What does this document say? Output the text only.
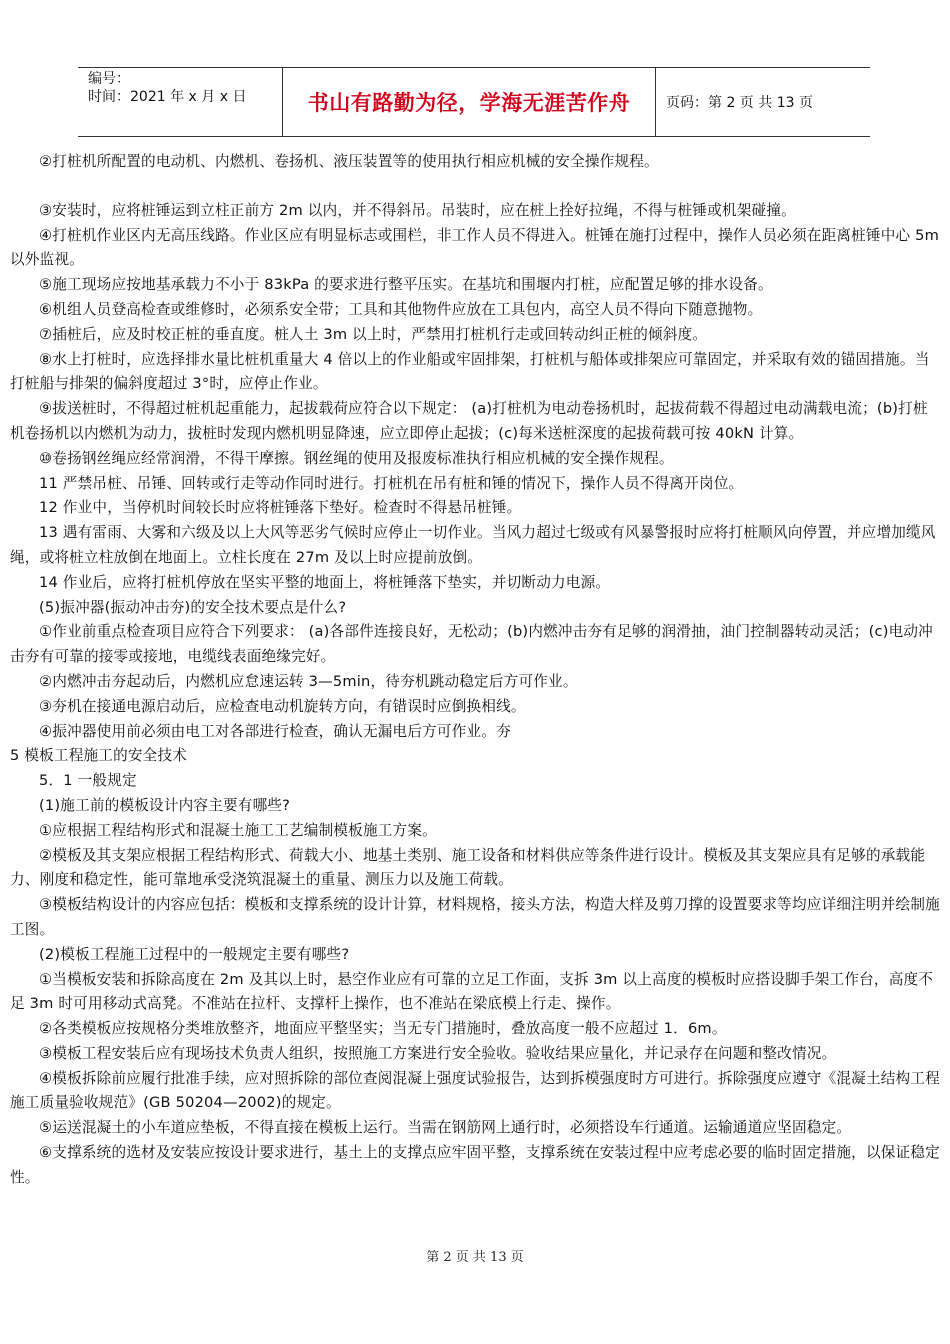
编号：
时间：2021 年 x 月 x 日	书山有路勤为径，学海无涯苦作舟	页码：第 2 页 共 13 页

②打桩机所配置的电动机、内燃机、卷扬机、液压装置等的使用执行相应机械的安全操作规程。

③安装时，应将桩锤运到立柱正前方 2m 以内，并不得斜吊。吊装时，应在桩上拴好拉绳，不得与桩锤或机架碰撞。

④打桩机作业区内无高压线路。作业区应有明显标志或围栏，非工作人员不得进入。桩锤在施打过程中，操作人员必须在距离桩锤中心 5m 以外监视。

⑤施工现场应按地基承载力不小于 83kPa 的要求进行整平压实。在基坑和围堰内打桩，应配置足够的排水设备。

⑥机组人员登高检查或维修时，必须系安全带；工具和其他物件应放在工具包内，高空人员不得向下随意抛物。

⑦插桩后，应及时校正桩的垂直度。桩人土 3m 以上时，严禁用打桩机行走或回转动纠正桩的倾斜度。

⑧水上打桩时，应选择排水量比桩机重量大 4 倍以上的作业船或牢固排架，打桩机与船体或排架应可靠固定，并采取有效的锚固措施。当打桩船与排架的偏斜度超过 3°时，应停止作业。

⑨拔送桩时，不得超过桩机起重能力，起拔载荷应符合以下规定： (a)打桩机为电动卷扬机时，起拔荷载不得超过电动满载电流；(b)打桩机卷扬机以内燃机为动力，拔桩时发现内燃机明显降速，应立即停止起拔；(c)每米送桩深度的起拔荷载可按 40kN 计算。

⑩卷扬钢丝绳应经常润滑，不得干摩擦。钢丝绳的使用及报废标准执行相应机械的安全操作规程。

11 严禁吊桩、吊锤、回转或行走等动作同时进行。打桩机在吊有桩和锤的情况下，操作人员不得离开岗位。

12 作业中，当停机时间较长时应将桩锤落下垫好。检查时不得悬吊桩锤。

13 遇有雷雨、大雾和六级及以上大风等恶劣气候时应停止一切作业。当风力超过七级或有风暴警报时应将打桩顺风向停置，并应增加缆风绳，或将桩立柱放倒在地面上。立柱长度在 27m 及以上时应提前放倒。

14 作业后，应将打桩机停放在坚实平整的地面上，将桩锤落下垫实，并切断动力电源。

(5)振冲器(振动冲击夯)的安全技术要点是什么?

①作业前重点检查项目应符合下列要求： (a)各部件连接良好，无松动；(b)内燃冲击夯有足够的润滑抽，油门控制器转动灵活；(c)电动冲击夯有可靠的接零或接地，电缆线表面绝缘完好。

②内燃冲击夯起动后，内燃机应怠速运转 3—5min，待夯机跳动稳定后方可作业。

③夯机在接通电源启动后，应检查电动机旋转方向，有错误时应倒换相线。

④振冲器使用前必须由电工对各部进行检查，确认无漏电后方可作业。夯

5 模板工程施工的安全技术

5．1 一般规定

(1)施工前的模板设计内容主要有哪些?

①应根据工程结构形式和混凝土施工工艺编制模板施工方案。

②模板及其支架应根据工程结构形式、荷载大小、地基土类别、施工设备和材料供应等条件进行设计。模板及其支架应具有足够的承载能力、刚度和稳定性，能可靠地承受浇筑混凝土的重量、测压力以及施工荷载。

③模板结构设计的内容应包括：模板和支撑系统的设计计算，材料规格，接头方法，构造大样及剪刀撑的设置要求等均应详细注明并绘制施工图。

(2)模板工程施工过程中的一般规定主要有哪些?

①当模板安装和拆除高度在 2m 及其以上时，悬空作业应有可靠的立足工作面，支拆 3m 以上高度的模板时应搭设脚手架工作台，高度不足 3m 时可用移动式高凳。不准站在拉杆、支撑杆上操作，也不准站在梁底模上行走、操作。

②各类模板应按规格分类堆放整齐，地面应平整坚实；当无专门措施时，叠放高度一般不应超过 1．6m。

③模板工程安装后应有现场技术负责人组织，按照施工方案进行安全验收。验收结果应量化，并记录存在问题和整改情况。

④模板拆除前应履行批准手续，应对照拆除的部位查阅混凝上强度试验报告，达到拆模强度时方可进行。拆除强度应遵守《混凝土结构工程施工质量验收规范》(GB 50204—2002)的规定。

⑤运送混凝土的小车道应垫板，不得直接在模板上运行。当需在钢筋网上通行时，必须搭设车行通道。运输通道应坚固稳定。

⑥支撑系统的选材及安装应按设计要求进行，基土上的支撑点应牢固平整，支撑系统在安装过程中应考虑必要的临时固定措施，以保证稳定性。

第 2 页 共 13 页
